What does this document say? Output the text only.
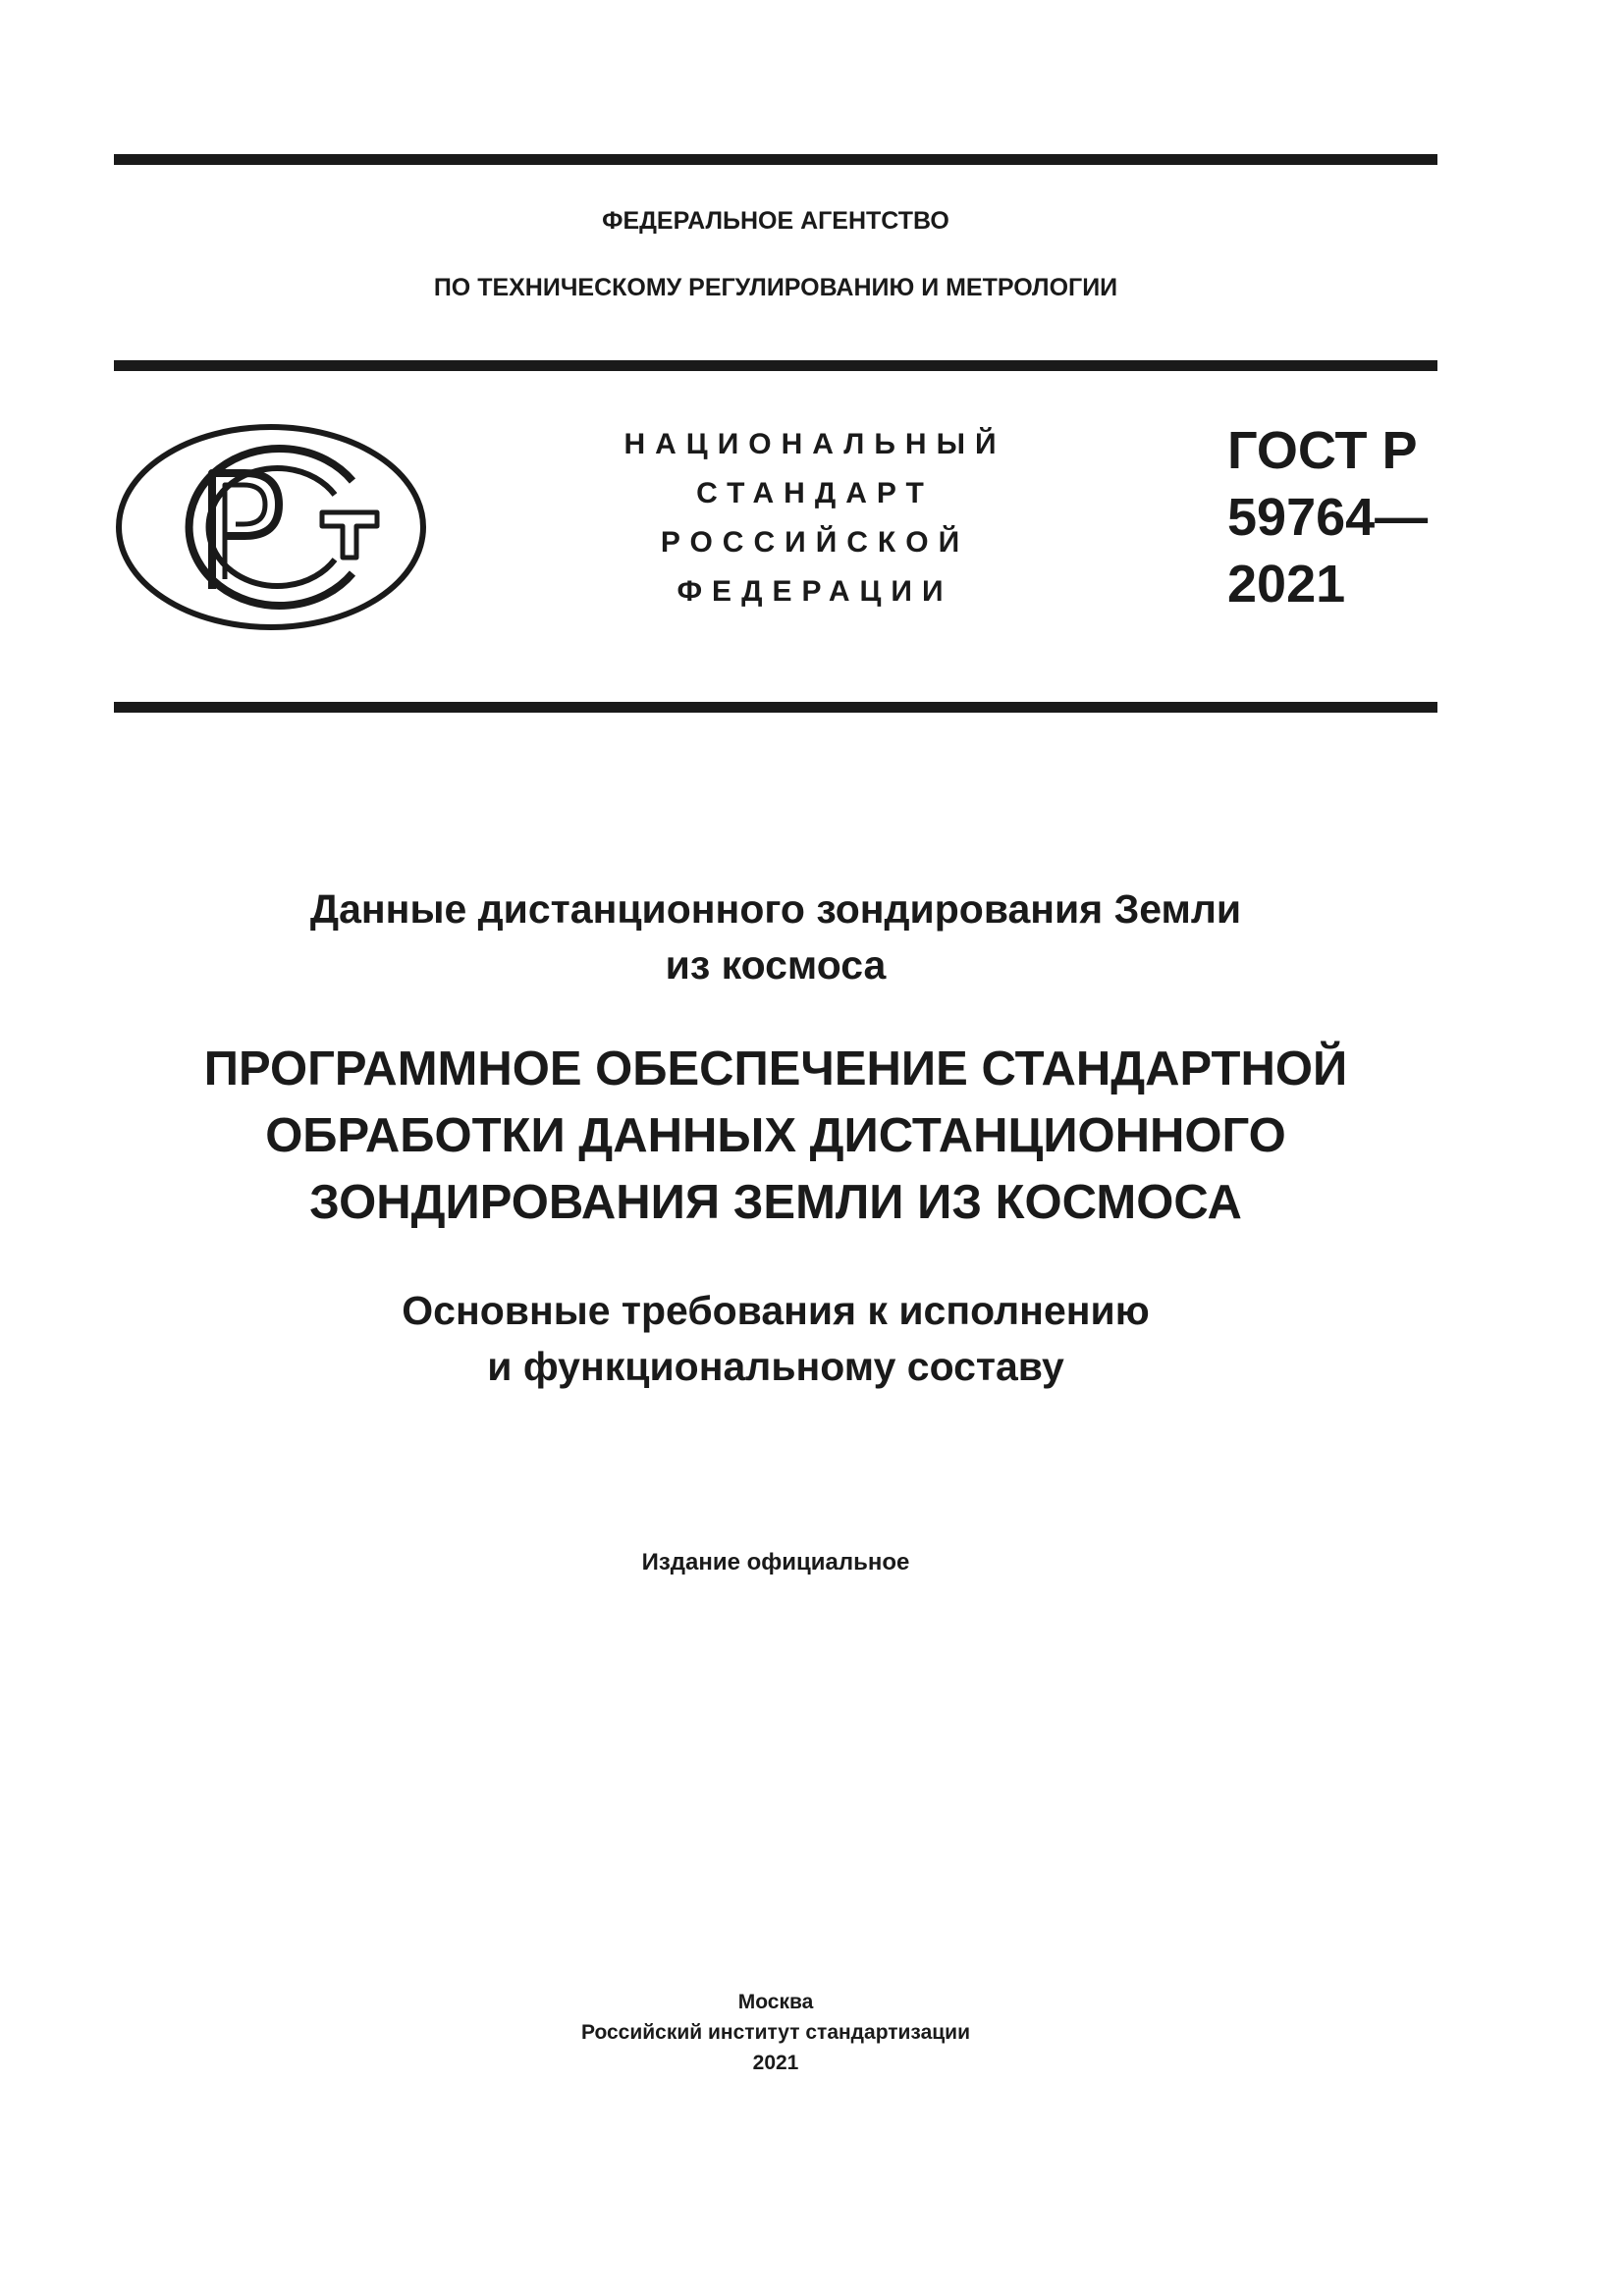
ФЕДЕРАЛЬНОЕ АГЕНТСТВО
ПО ТЕХНИЧЕСКОМУ РЕГУЛИРОВАНИЮ И МЕТРОЛОГИИ
НАЦИОНАЛЬНЫЙ
СТАНДАРТ
РОССИЙСКОЙ
ФЕДЕРАЦИИ
ГОСТ Р
59764—
2021
Данные дистанционного зондирования Земли
из космоса
ПРОГРАММНОЕ ОБЕСПЕЧЕНИЕ СТАНДАРТНОЙ
ОБРАБОТКИ ДАННЫХ ДИСТАНЦИОННОГО
ЗОНДИРОВАНИЯ ЗЕМЛИ ИЗ КОСМОСА
Основные требования к исполнению
и функциональному составу
Издание официальное
Москва
Российский институт стандартизации
2021
